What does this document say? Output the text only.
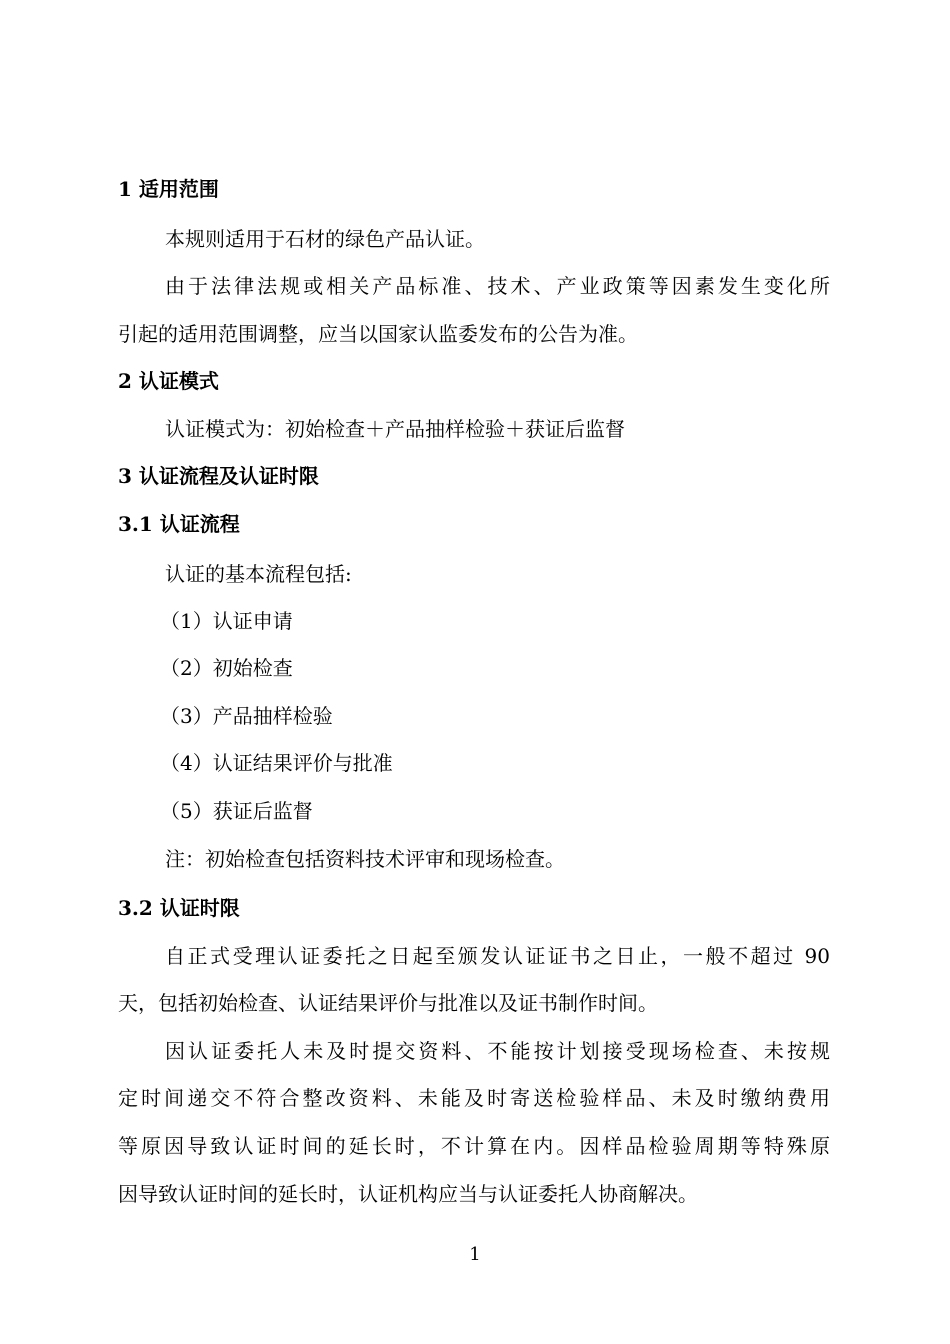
1 适用范围
本规则适用于石材的绿色产品认证。
由于法律法规或相关产品标准、技术、产业政策等因素发生变化所
引起的适用范围调整，应当以国家认监委发布的公告为准。
2 认证模式
认证模式为：初始检查＋产品抽样检验＋获证后监督
3 认证流程及认证时限
3.1 认证流程
认证的基本流程包括:
（1）认证申请
（2）初始检查
（3）产品抽样检验
（4）认证结果评价与批准
（5）获证后监督
注：初始检查包括资料技术评审和现场检查。
3.2 认证时限
自正式受理认证委托之日起至颁发认证证书之日止，一般不超过 90
天，包括初始检查、认证结果评价与批准以及证书制作时间。
因认证委托人未及时提交资料、不能按计划接受现场检查、未按规
定时间递交不符合整改资料、未能及时寄送检验样品、未及时缴纳费用
等原因导致认证时间的延长时，不计算在内。因样品检验周期等特殊原
因导致认证时间的延长时，认证机构应当与认证委托人协商解决。
1
